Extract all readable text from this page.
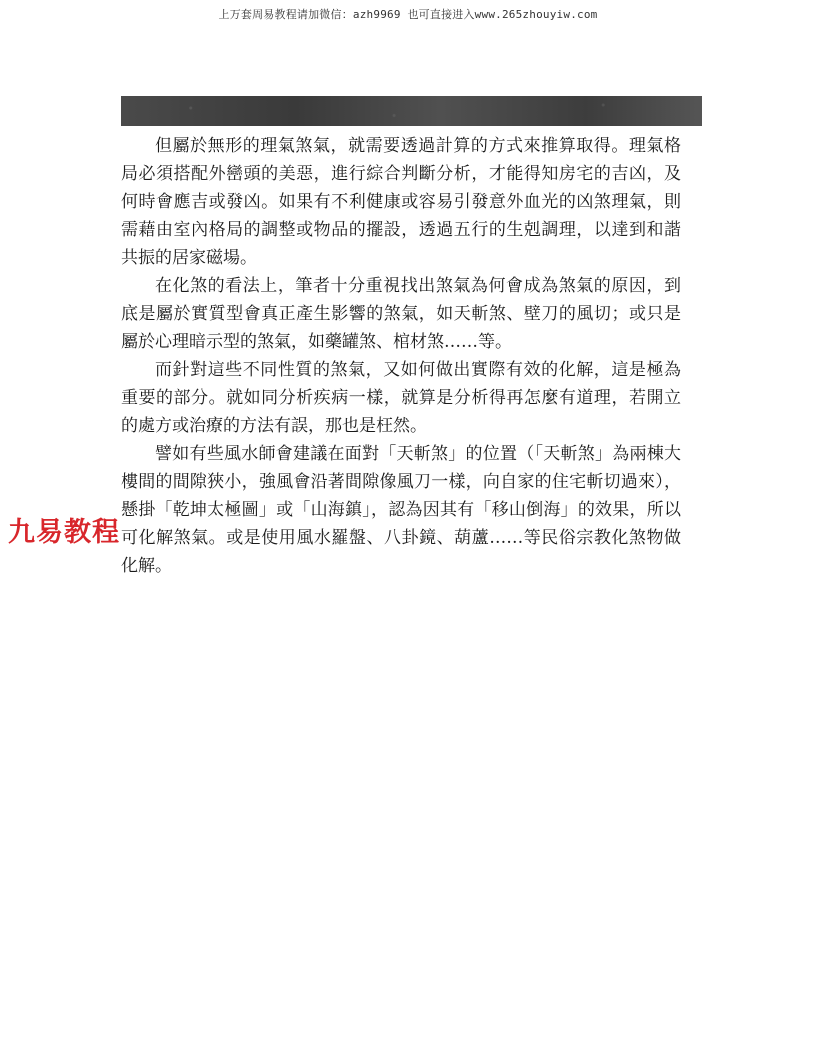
上万套周易教程请加微信：azh9969 也可直接进入www.265zhouyiw.com

但屬於無形的理氣煞氣，就需要透過計算的方式來推算取得。理氣格局必須搭配外巒頭的美惡，進行綜合判斷分析，才能得知房宅的吉凶，及何時會應吉或發凶。如果有不利健康或容易引發意外血光的凶煞理氣，則需藉由室內格局的調整或物品的擺設，透過五行的生剋調理，以達到和諧共振的居家磁場。

在化煞的看法上，筆者十分重視找出煞氣為何會成為煞氣的原因，到底是屬於實質型會真正產生影響的煞氣，如天斬煞、壁刀的風切；或只是屬於心理暗示型的煞氣，如藥罐煞、棺材煞……等。

而針對這些不同性質的煞氣，又如何做出實際有效的化解，這是極為重要的部分。就如同分析疾病一樣，就算是分析得再怎麼有道理，若開立的處方或治療的方法有誤，那也是枉然。

譬如有些風水師會建議在面對「天斬煞」的位置（「天斬煞」為兩棟大樓間的間隙狹小，強風會沿著間隙像風刀一樣，向自家的住宅斬切過來），懸掛「乾坤太極圖」或「山海鎮」，認為因其有「移山倒海」的效果，所以可化解煞氣。或是使用風水羅盤、八卦鏡、葫蘆……等民俗宗教化煞物做化解。

九易教程
